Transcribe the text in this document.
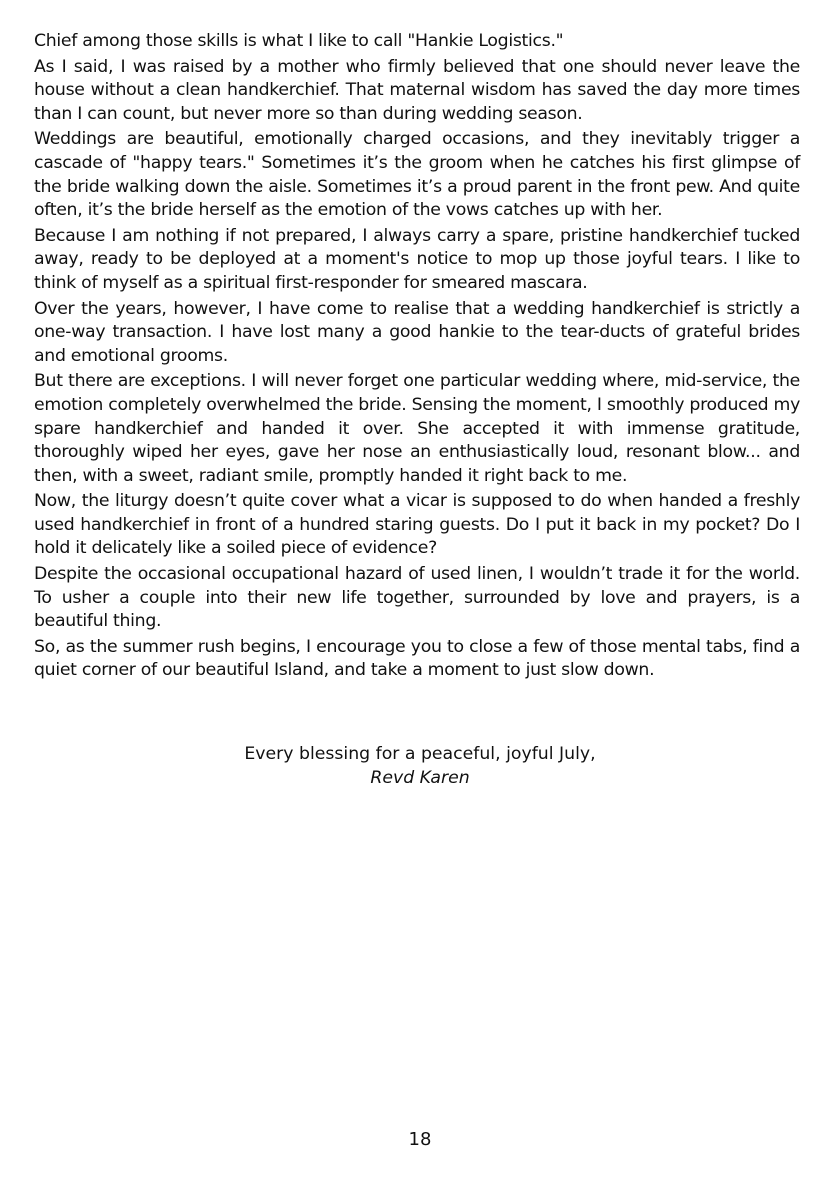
Chief among those skills is what I like to call "Hankie Logistics."

As I said, I was raised by a mother who firmly believed that one should never leave the house without a clean handkerchief. That maternal wisdom has saved the day more times than I can count, but never more so than during wedding season.

Weddings are beautiful, emotionally charged occasions, and they inevitably trigger a cascade of "happy tears." Sometimes it’s the groom when he catches his first glimpse of the bride walking down the aisle. Sometimes it’s a proud parent in the front pew. And quite often, it’s the bride herself as the emotion of the vows catches up with her.

Because I am nothing if not prepared, I always carry a spare, pristine handkerchief tucked away, ready to be deployed at a moment's notice to mop up those joyful tears. I like to think of myself as a spiritual first-responder for smeared mascara.

Over the years, however, I have come to realise that a wedding handkerchief is strictly a one-way transaction. I have lost many a good hankie to the tear-ducts of grateful brides and emotional grooms.

But there are exceptions. I will never forget one particular wedding where, mid-service, the emotion completely overwhelmed the bride. Sensing the moment, I smoothly produced my spare handkerchief and handed it over. She accepted it with immense gratitude, thoroughly wiped her eyes, gave her nose an enthusiastically loud, resonant blow... and then, with a sweet, radiant smile, promptly handed it right back to me.

Now, the liturgy doesn’t quite cover what a vicar is supposed to do when handed a freshly used handkerchief in front of a hundred staring guests. Do I put it back in my pocket? Do I hold it delicately like a soiled piece of evidence?

Despite the occasional occupational hazard of used linen, I wouldn’t trade it for the world. To usher a couple into their new life together, surrounded by love and prayers, is a beautiful thing.

So, as the summer rush begins, I encourage you to close a few of those mental tabs, find a quiet corner of our beautiful Island, and take a moment to just slow down.

Every blessing for a peaceful, joyful July,
Revd Karen
18
